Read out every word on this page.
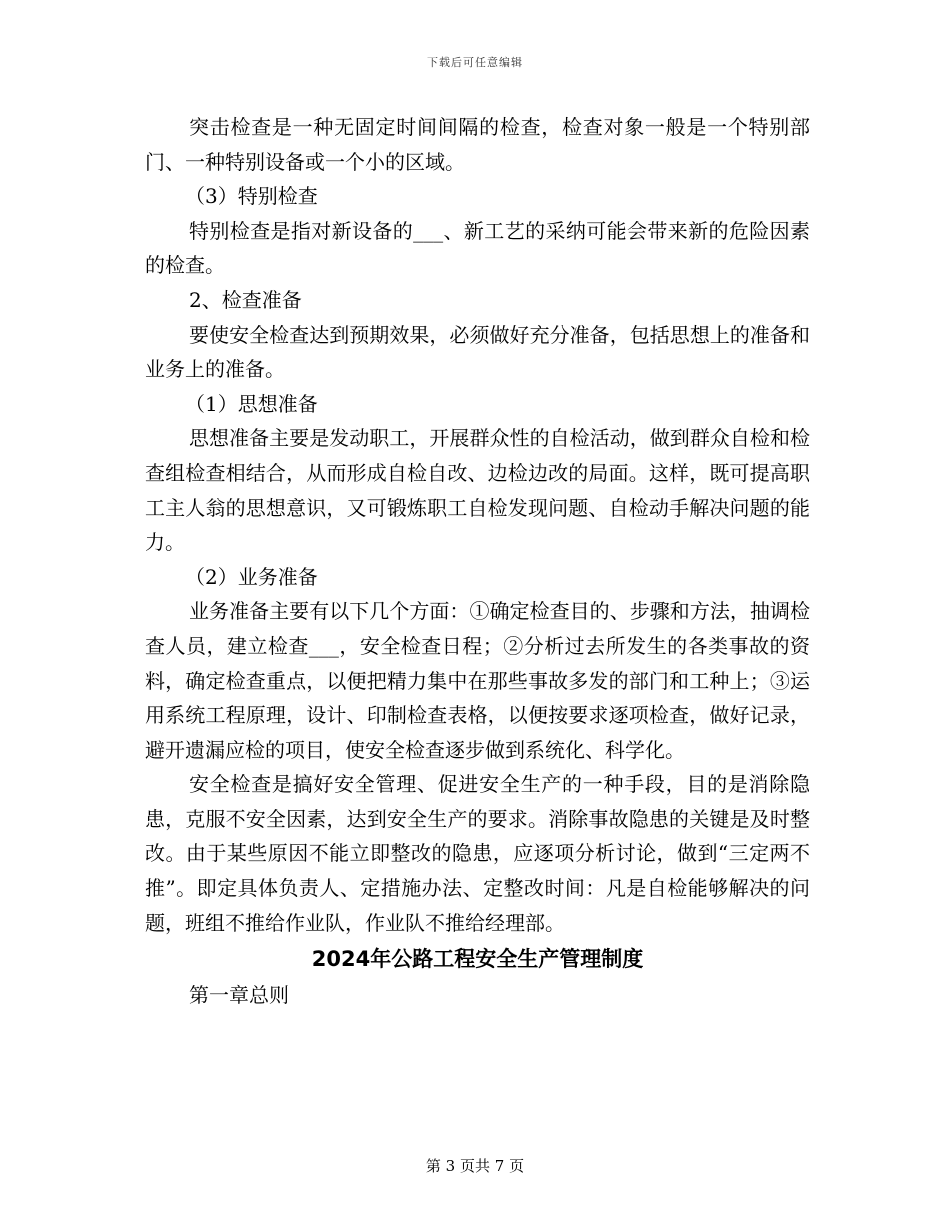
下载后可任意编辑

突击检查是一种无固定时间间隔的检查，检查对象一般是一个特别部门、一种特别设备或一个小的区域。

（3）特别检查

特别检查是指对新设备的___、新工艺的采纳可能会带来新的危险因素的检查。

2、检查准备

要使安全检查达到预期效果，必须做好充分准备，包括思想上的准备和业务上的准备。

（1）思想准备

思想准备主要是发动职工，开展群众性的自检活动，做到群众自检和检查组检查相结合，从而形成自检自改、边检边改的局面。这样，既可提高职工主人翁的思想意识，又可锻炼职工自检发现问题、自检动手解决问题的能力。

（2）业务准备

业务准备主要有以下几个方面：①确定检查目的、步骤和方法，抽调检查人员，建立检查___，安全检查日程；②分析过去所发生的各类事故的资料，确定检查重点，以便把精力集中在那些事故多发的部门和工种上；③运用系统工程原理，设计、印制检查表格，以便按要求逐项检查，做好记录，避开遗漏应检的项目，使安全检查逐步做到系统化、科学化。

安全检查是搞好安全管理、促进安全生产的一种手段，目的是消除隐患，克服不安全因素，达到安全生产的要求。消除事故隐患的关键是及时整改。由于某些原因不能立即整改的隐患，应逐项分析讨论，做到“三定两不推”。即定具体负责人、定措施办法、定整改时间：凡是自检能够解决的问题，班组不推给作业队，作业队不推给经理部。

2024年公路工程安全生产管理制度

第一章总则

第 3 页共 7 页
